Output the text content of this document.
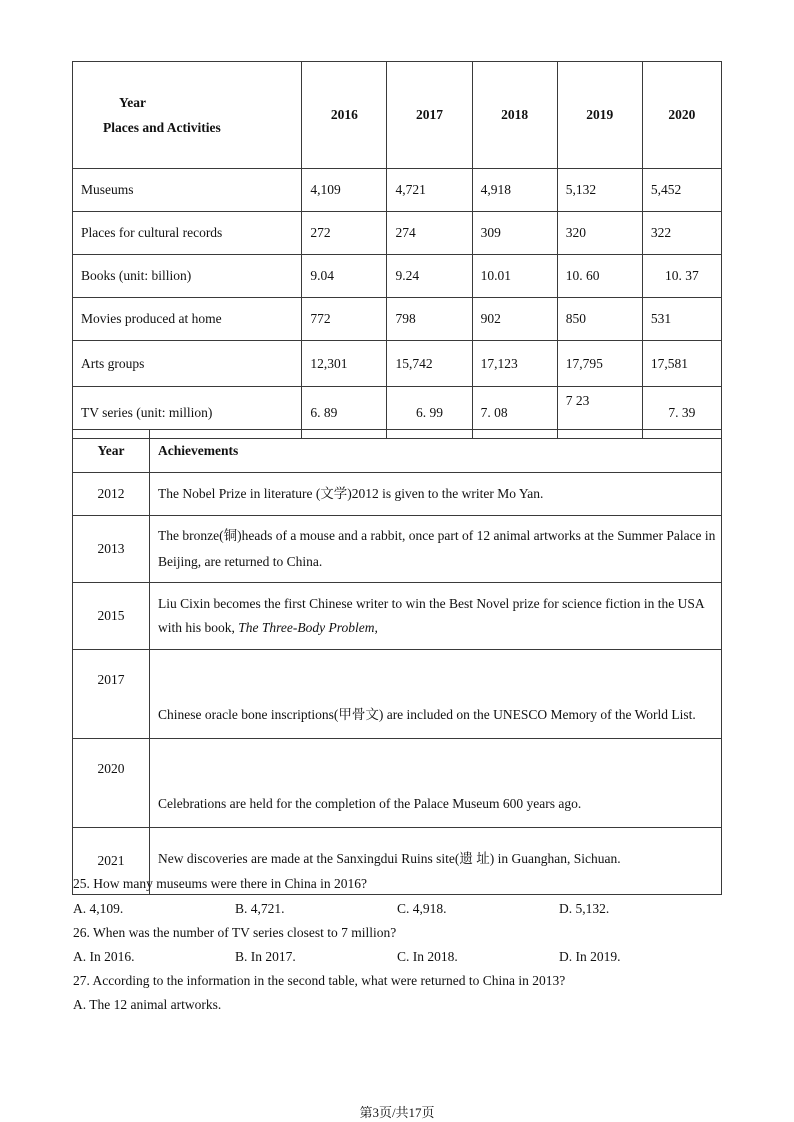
Year
Places and Activities	2016	2017	2018	2019	2020
Museums	4,109	4,721	4,918	5,132	5,452
Places for cultural records	272	274	309	320	322
Books (unit: billion)	9.04	9.24	10.01	10. 60	10. 37
Movies produced at home	772	798	902	850	531
Arts groups	12,301	15,742	17,123	17,795	17,581
TV series (unit: million)	6. 89	6. 99	7. 08	7 23	7. 39
Year	Achievements
2012	The Nobel Prize in literature (文学)2012 is given to the writer Mo Yan.
2013	The bronze(铜)heads of a mouse and a rabbit, once part of 12 animal artworks at the Summer Palace in Beijing, are returned to China.
2015	Liu Cixin becomes the first Chinese writer to win the Best Novel prize for science fiction in the USA with his book, The Three-Body Problem,
2017	Chinese oracle bone inscriptions(甲骨文) are included on the UNESCO Memory of the World List.
2020	Celebrations are held for the completion of the Palace Museum 600 years ago.
2021	New discoveries are made at the Sanxingdui Ruins site(遗 址) in Guanghan, Sichuan.
25. How many museums were there in China in 2016?
A. 4,109.	B. 4,721.	C. 4,918.	D. 5,132.
26. When was the number of TV series closest to 7 million?
A. In 2016.	B. In 2017.	C. In 2018.	D. In 2019.
27. According to the information in the second table, what were returned to China in 2013?
A. The 12 animal artworks.
第3页/共17页
